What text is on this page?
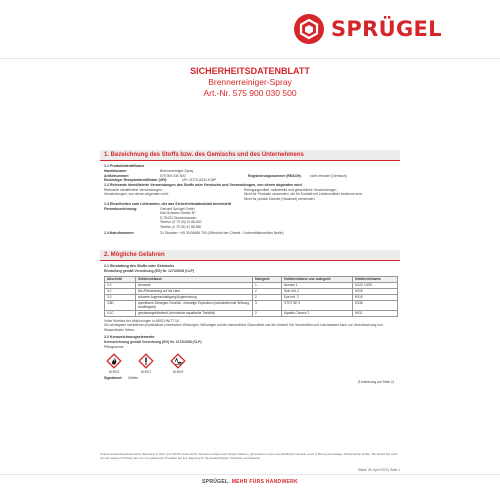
SPRÜGEL
SICHERHEITSDATENBLATT
Brennerreiniger-Spray
Art.-Nr. 575 900 030 500
1. Bezeichnung des Stoffs bzw. des Gemischs und des Unternehmens
1.1 Produktidentifikator
Handelsname:	Brennerreiniger-Spray
Artikelnummer:	575 900 030 500	Registrierungsnummer (REACH):	nicht relevant (Gemisch)
Eindeutiger Rezepturidentifikator (UFI):	UFI: 0D7S-A03J-K18P
1.2 Relevante identifizierte Verwendungen des Stoffs oder Gemischs und Verwendungen, von denen abgeraten wird
Relevante identifizierte Verwendungen:	Reinigungsmittel, industrielle und gewerbliche Verwendungen
Verwendungen, von denen abgeraten wird:	Nicht für Produkte verwenden, die für Kontakt mit Lebensmitteln bestimmt sind
Nicht für private Zwecke (Haushalt) verwenden
1.3 Einzelheiten zum Lieferanten, der das Sicherheitsdatenblatt bereitstellt
Firmenbezeichnung:	Gerhard Sprügel GmbH
Karl-Schwarz-Straße 3F
D-75433 Stockenhausen
Telefon: (0 79 43) 91 88-500
Telefax: (0 79 43) 91 88-550
1.4 Notrufnummer:	24 Stunden: +49 30/30686 700 (Giftnotruf der Charité - Universitätsmedizin Berlin)
2. Mögliche Gefahren
2.1 Einstufung des Stoffs oder Gemischs
Einstufung gemäß Verordnung (EG) Nr. 1272/2008 (CLP)
Abschnitt	Gefahrenklasse	Kategorie	Gefahrenklasse und -kategorie	Gefahrenhinweis
2.3	Aerosole	1	Aerosol 1	H222, H229
3.2	Ätz-/Reizwirkung auf die Haut	2	Skin Irrit. 2	H315
3.3	schwere Augenschädigung/Augenreizung	2	Eye Irrit. 2	H319
3.8D	spezifische Zielorgan-Toxizität - einmalige Exposition (narkotisierende Wirkung, schläfrigkeit)	3	STOT SE 3	H336
4.1C	gewässergefährdend (chronische aquatische Toxizität)	2	Aquatic Chronic 2	H411
Voller Wortlaut der Abkürzungen in ABSCHNITT 16.
Die wichtigsten schädlichen physikalisch-chemischen Wirkungen, Wirkungen auf die menschliche Gesundheit und die Umwelt: Ein Verschütten und Löschwasser kann zur Verschmutzung von Wasserläufen führen.
2.2 Kennzeichnungselemente
Kennzeichnung gemäß Verordnung (EG) Nr. 1272/2008 (CLP)
Piktogramme
GHS02	GHS07	GHS09
Signalwort:	Gefahr
(Fortsetzung auf Seite 2)
Unsere anwendungstechnische Beratung in Wort und Schrift sowie durch Versuche erfolgt nach bestem Wissen, gilt jedoch nur als unverbindlicher Hinweis, auch in Bezug auf etwaige Schutzrechte Dritter. Sie befreit Sie nicht von der eigenen Prüfung der von uns gelieferten Produkte auf ihre Eignung für die beabsichtigten Verfahren und Zwecke.
Stand: 26. April 2023 | Seite 1
SPRÜGEL. MEHR FÜRS HANDWERK
